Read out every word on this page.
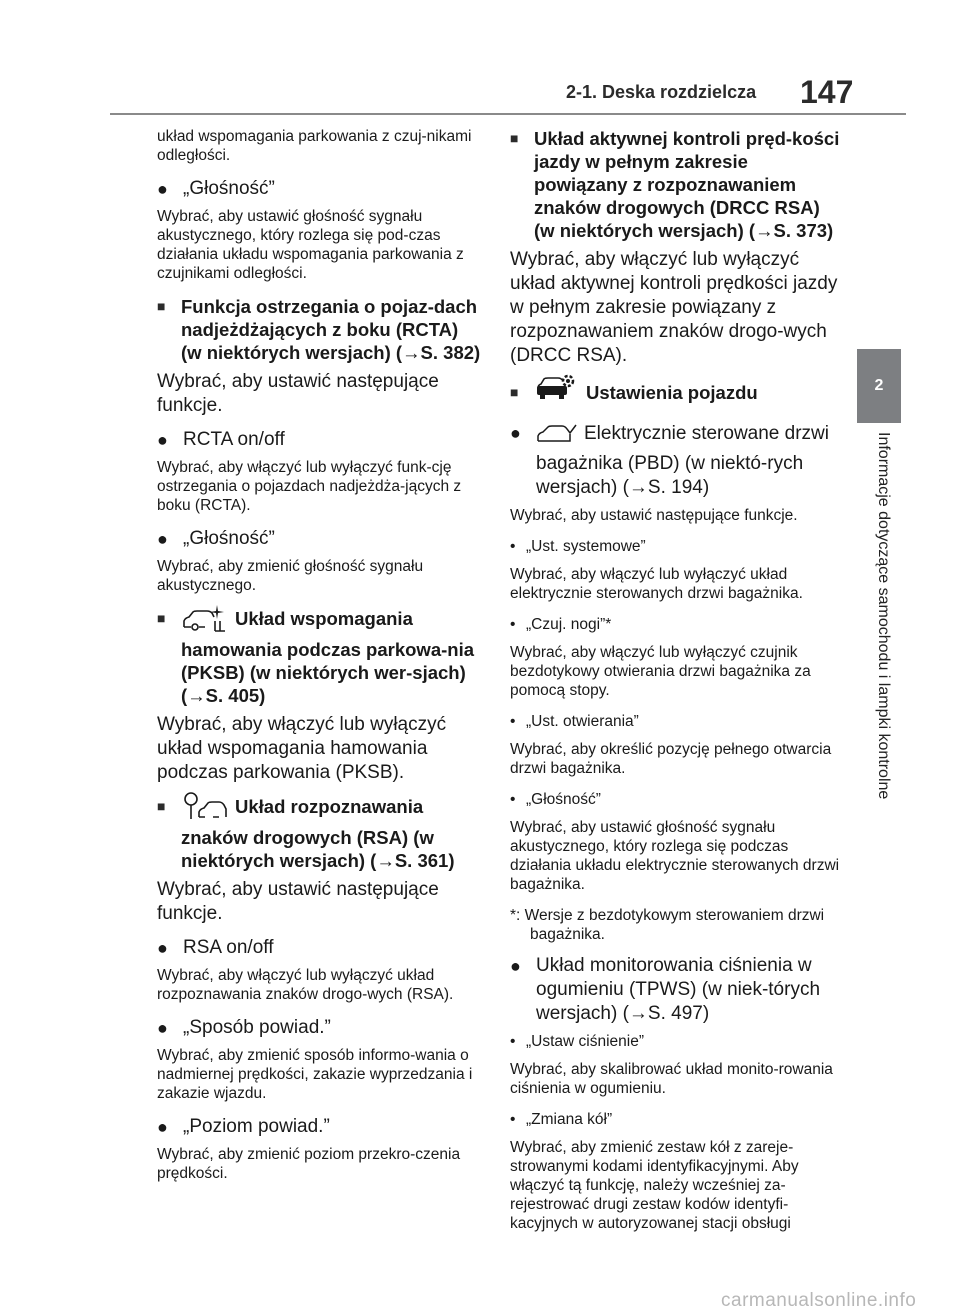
2-1. Deska rozdzielcza 147
2
Informacje dotyczące samochodu i lampki kontrolne

układ wspomagania parkowania z czuj-nikami odległości.

● „Głośność”

Wybrać, aby ustawić głośność sygnału akustycznego, który rozlega się pod-czas działania układu wspomagania parkowania z czujnikami odległości.

■ Funkcja ostrzegania o pojaz-dach nadjeżdżających z boku (RCTA) (w niektórych wersjach) (→S. 382)

Wybrać, aby ustawić następujące funkcje.

● RCTA on/off

Wybrać, aby włączyć lub wyłączyć funk-cję ostrzegania o pojazdach nadjeżdża-jących z boku (RCTA).

● „Głośność”

Wybrać, aby zmienić głośność sygnału akustycznego.

■	Układ wspomagania hamowania podczas parkowa-nia (PKSB) (w niektórych wer-sjach) (→S. 405)

Wybrać, aby włączyć lub wyłączyć układ wspomagania hamowania podczas parkowania (PKSB).

■	Układ rozpoznawania znaków drogowych (RSA) (w niektórych wersjach) (→S. 361)

Wybrać, aby ustawić następujące funkcje.

● RSA on/off

Wybrać, aby włączyć lub wyłączyć układ rozpoznawania znaków drogo-wych (RSA).

● „Sposób powiad.”

Wybrać, aby zmienić sposób informo-wania o nadmiernej prędkości, zakazie wyprzedzania i zakazie wjazdu.

● „Poziom powiad.”

Wybrać, aby zmienić poziom przekro-czenia prędkości.

■ Układ aktywnej kontroli pręd-kości jazdy w pełnym zakresie powiązany z rozpoznawaniem znaków drogowych (DRCC RSA) (w niektórych wersjach) (→S. 373)

Wybrać, aby włączyć lub wyłączyć układ aktywnej kontroli prędkości jazdy w pełnym zakresie powiązany z rozpoznawaniem znaków drogo-wych (DRCC RSA).

■	Ustawienia pojazdu
●	Elektrycznie sterowane drzwi bagażnika (PBD) (w niektó-rych wersjach) (→S. 194)

Wybrać, aby ustawić następujące funkcje.

• „Ust. systemowe”

Wybrać, aby włączyć lub wyłączyć układ elektrycznie sterowanych drzwi bagażnika.

• „Czuj. nogi”*

Wybrać, aby włączyć lub wyłączyć czujnik bezdotykowy otwierania drzwi bagażnika za pomocą stopy.

• „Ust. otwierania”

Wybrać, aby określić pozycję pełnego otwarcia drzwi bagażnika.

• „Głośność”

Wybrać, aby ustawić głośność sygnału akustycznego, który rozlega się podczas działania układu elektrycznie sterowanych drzwi bagażnika.

*: Wersje z bezdotykowym sterowaniem drzwi bagażnika.

● Układ monitorowania ciśnienia w ogumieniu (TPWS) (w niek-tórych wersjach) (→S. 497)
• „Ustaw ciśnienie”

Wybrać, aby skalibrować układ monito-rowania ciśnienia w ogumieniu.

• „Zmiana kół”

Wybrać, aby zmienić zestaw kół z zareje-strowanymi kodami identyfikacyjnymi. Aby włączyć tą funkcję, należy wcześniej za-rejestrować drugi zestaw kodów identyfi-kacyjnych w autoryzowanej stacji obsługi

carmanualsonline.info
